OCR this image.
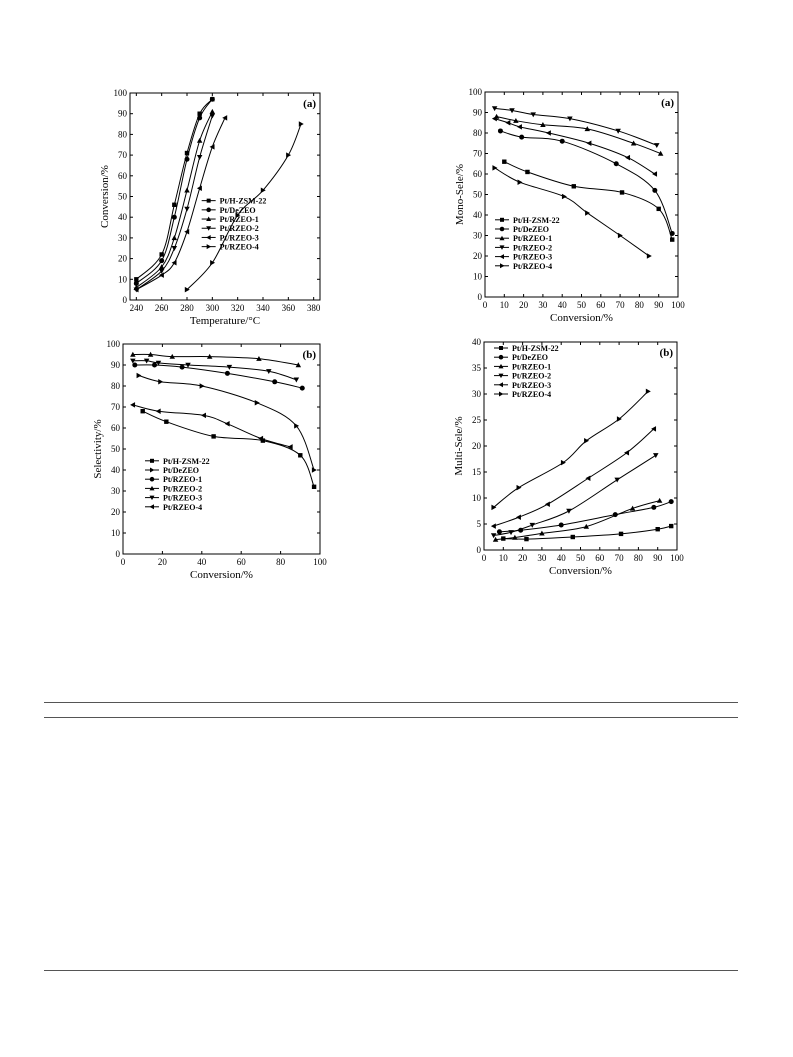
240 260 280 300 320 340 360 380
0
10
20
30
40
50
60
70
80
90
100
Temperature/°C
Conversion/%
(a)
Pt/H-ZSM-22
Pt/DeZEO
Pt/RZEO-1
Pt/RZEO-2
Pt/RZEO-3
Pt/RZEO-4
0 10 20 30 40 50 60 70 80 90 100
0
10
20
30
40
50
60
70
80
90
100
Conversion/%
Mono-Sele/%
(a)
Pt/H-ZSM-22
Pt/DeZEO
Pt/RZEO-1
Pt/RZEO-2
Pt/RZEO-3
Pt/RZEO-4
0	20	40	60	80	100
0
10
20
30
40
50
60
70
80
90
100
Conversion/%
Selectivity/%
(b)
Pt/H-ZSM-22
Pt/DeZEO
Pt/RZEO-1
Pt/RZEO-2
Pt/RZEO-3
Pt/RZEO-4
0 10 20 30 40 50 60 70 80 90 100
0
5
10
15
20
25
30
35
40
Conversion/%
Multi-Sele/%
(b)
Pt/H-ZSM-22
Pt/DeZEO
Pt/RZEO-1
Pt/RZEO-2
Pt/RZEO-3
Pt/RZEO-4
